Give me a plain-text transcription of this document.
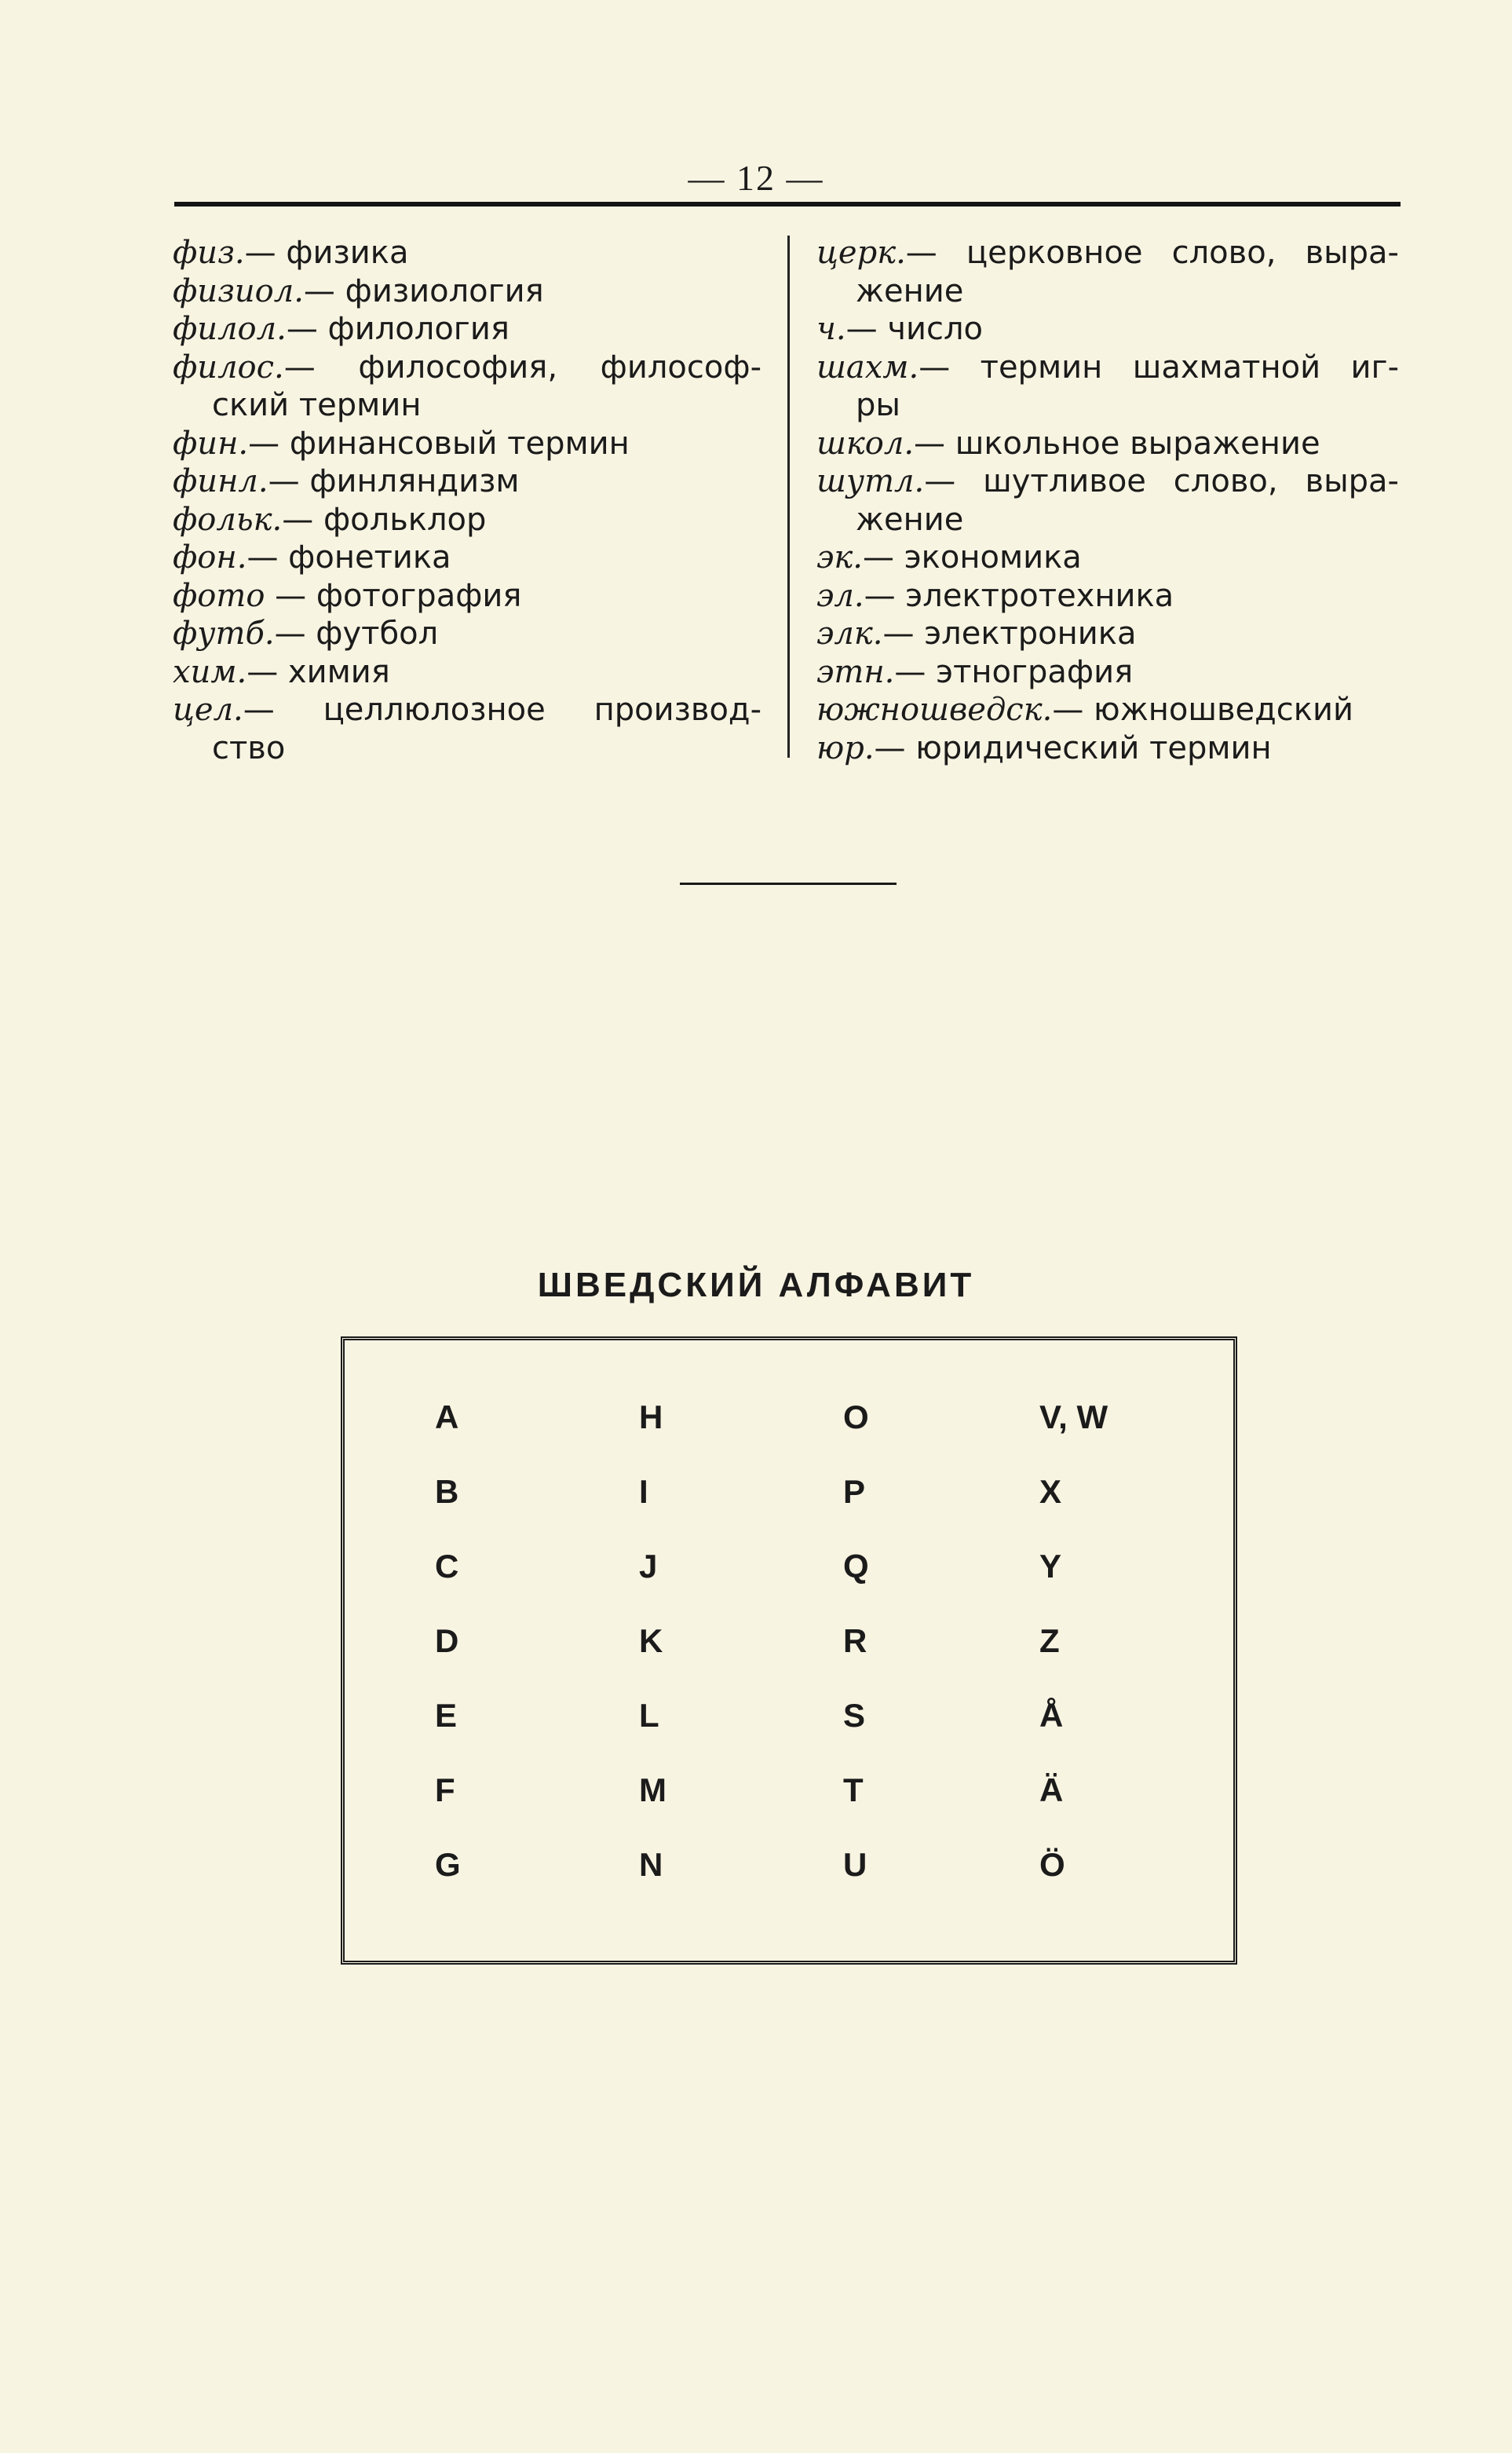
— 12 —

физ.— физика

физиол.— физиология

филол.— филология

филос.— философия, философ-

ский термин

фин.— финансовый термин

финл.— финляндизм

фольк.— фольклор

фон.— фонетика

фото — фотография

футб.— футбол

хим.— химия

цел.— целлюлозное производ-

ство

церк.— церковное слово, выра-

жение

ч.— число

шахм.— термин шахматной иг-

ры

школ.— школьное выражение

шутл.— шутливое слово, выра-

жение

эк.— экономика

эл.— электротехника

элк.— электроника

этн.— этнография

южношведск.— южношведский

юр.— юридический термин

ШВЕДСКИЙ АЛФАВИТ
A
B
C
D
E
F
G
H
I
J
K
L
M
N
O
P
Q
R
S
T
U
V, W
X
Y
Z
Å
Ä
Ö
